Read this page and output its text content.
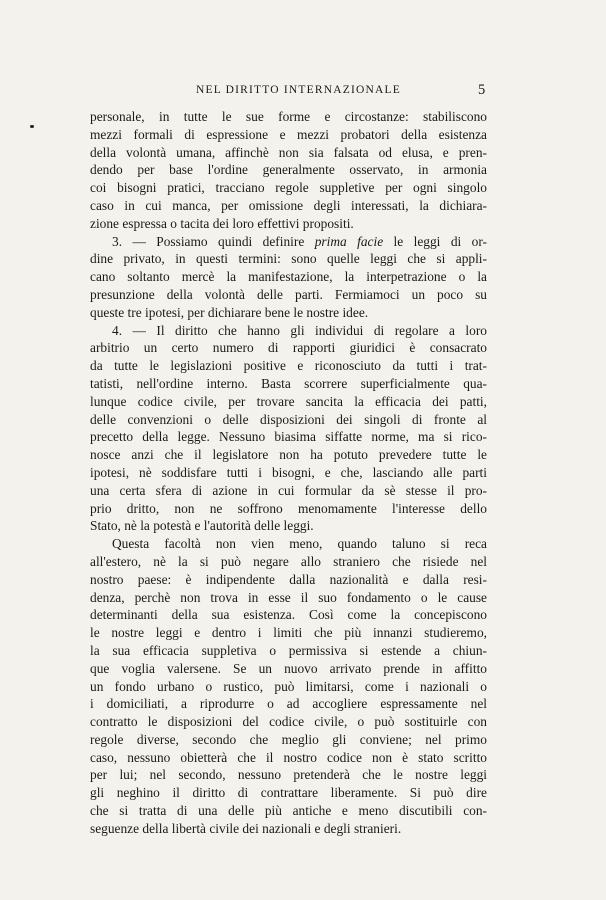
NEL DIRITTO INTERNAZIONALE	5
personale, in tutte le sue forme e circostanze: stabiliscono
mezzi formali di espressione e mezzi probatori della esistenza
della volontà umana, affinchè non sia falsata od elusa, e pren-
dendo per base l'ordine generalmente osservato, in armonia
coi bisogni pratici, tracciano regole suppletive per ogni singolo
caso in cui manca, per omissione degli interessati, la dichiara-
zione espressa o tacita dei loro effettivi propositi.
3. — Possiamo quindi definire prima facie le leggi di or-
dine privato, in questi termini: sono quelle leggi che si appli-
cano soltanto mercè la manifestazione, la interpetrazione o la
presunzione della volontà delle parti. Fermiamoci un poco su
queste tre ipotesi, per dichiarare bene le nostre idee.
4. — Il diritto che hanno gli individui di regolare a loro
arbitrio un certo numero di rapporti giuridici è consacrato
da tutte le legislazioni positive e riconosciuto da tutti i trat-
tatisti, nell'ordine interno. Basta scorrere superficialmente qua-
lunque codice civile, per trovare sancita la efficacia dei patti,
delle convenzioni o delle disposizioni dei singoli di fronte al
precetto della legge. Nessuno biasima siffatte norme, ma si rico-
nosce anzi che il legislatore non ha potuto prevedere tutte le
ipotesi, nè soddisfare tutti i bisogni, e che, lasciando alle parti
una certa sfera di azione in cui formular da sè stesse il pro-
prio dritto, non ne soffrono menomamente l'interesse dello
Stato, nè la potestà e l'autorità delle leggi.
Questa facoltà non vien meno, quando taluno si reca
all'estero, nè la si può negare allo straniero che risiede nel
nostro paese: è indipendente dalla nazionalità e dalla resi-
denza, perchè non trova in esse il suo fondamento o le cause
determinanti della sua esistenza. Così come la concepiscono
le nostre leggi e dentro i limiti che più innanzi studieremo,
la sua efficacia suppletiva o permissiva si estende a chiun-
que voglia valersene. Se un nuovo arrivato prende in affitto
un fondo urbano o rustico, può limitarsi, come i nazionali o
i domiciliati, a riprodurre o ad accogliere espressamente nel
contratto le disposizioni del codice civile, o può sostituirle con
regole diverse, secondo che meglio gli conviene; nel primo
caso, nessuno obietterà che il nostro codice non è stato scritto
per lui; nel secondo, nessuno pretenderà che le nostre leggi
gli neghino il diritto di contrattare liberamente. Si può dire
che si tratta di una delle più antiche e meno discutibili con-
seguenze della libertà civile dei nazionali e degli stranieri.
